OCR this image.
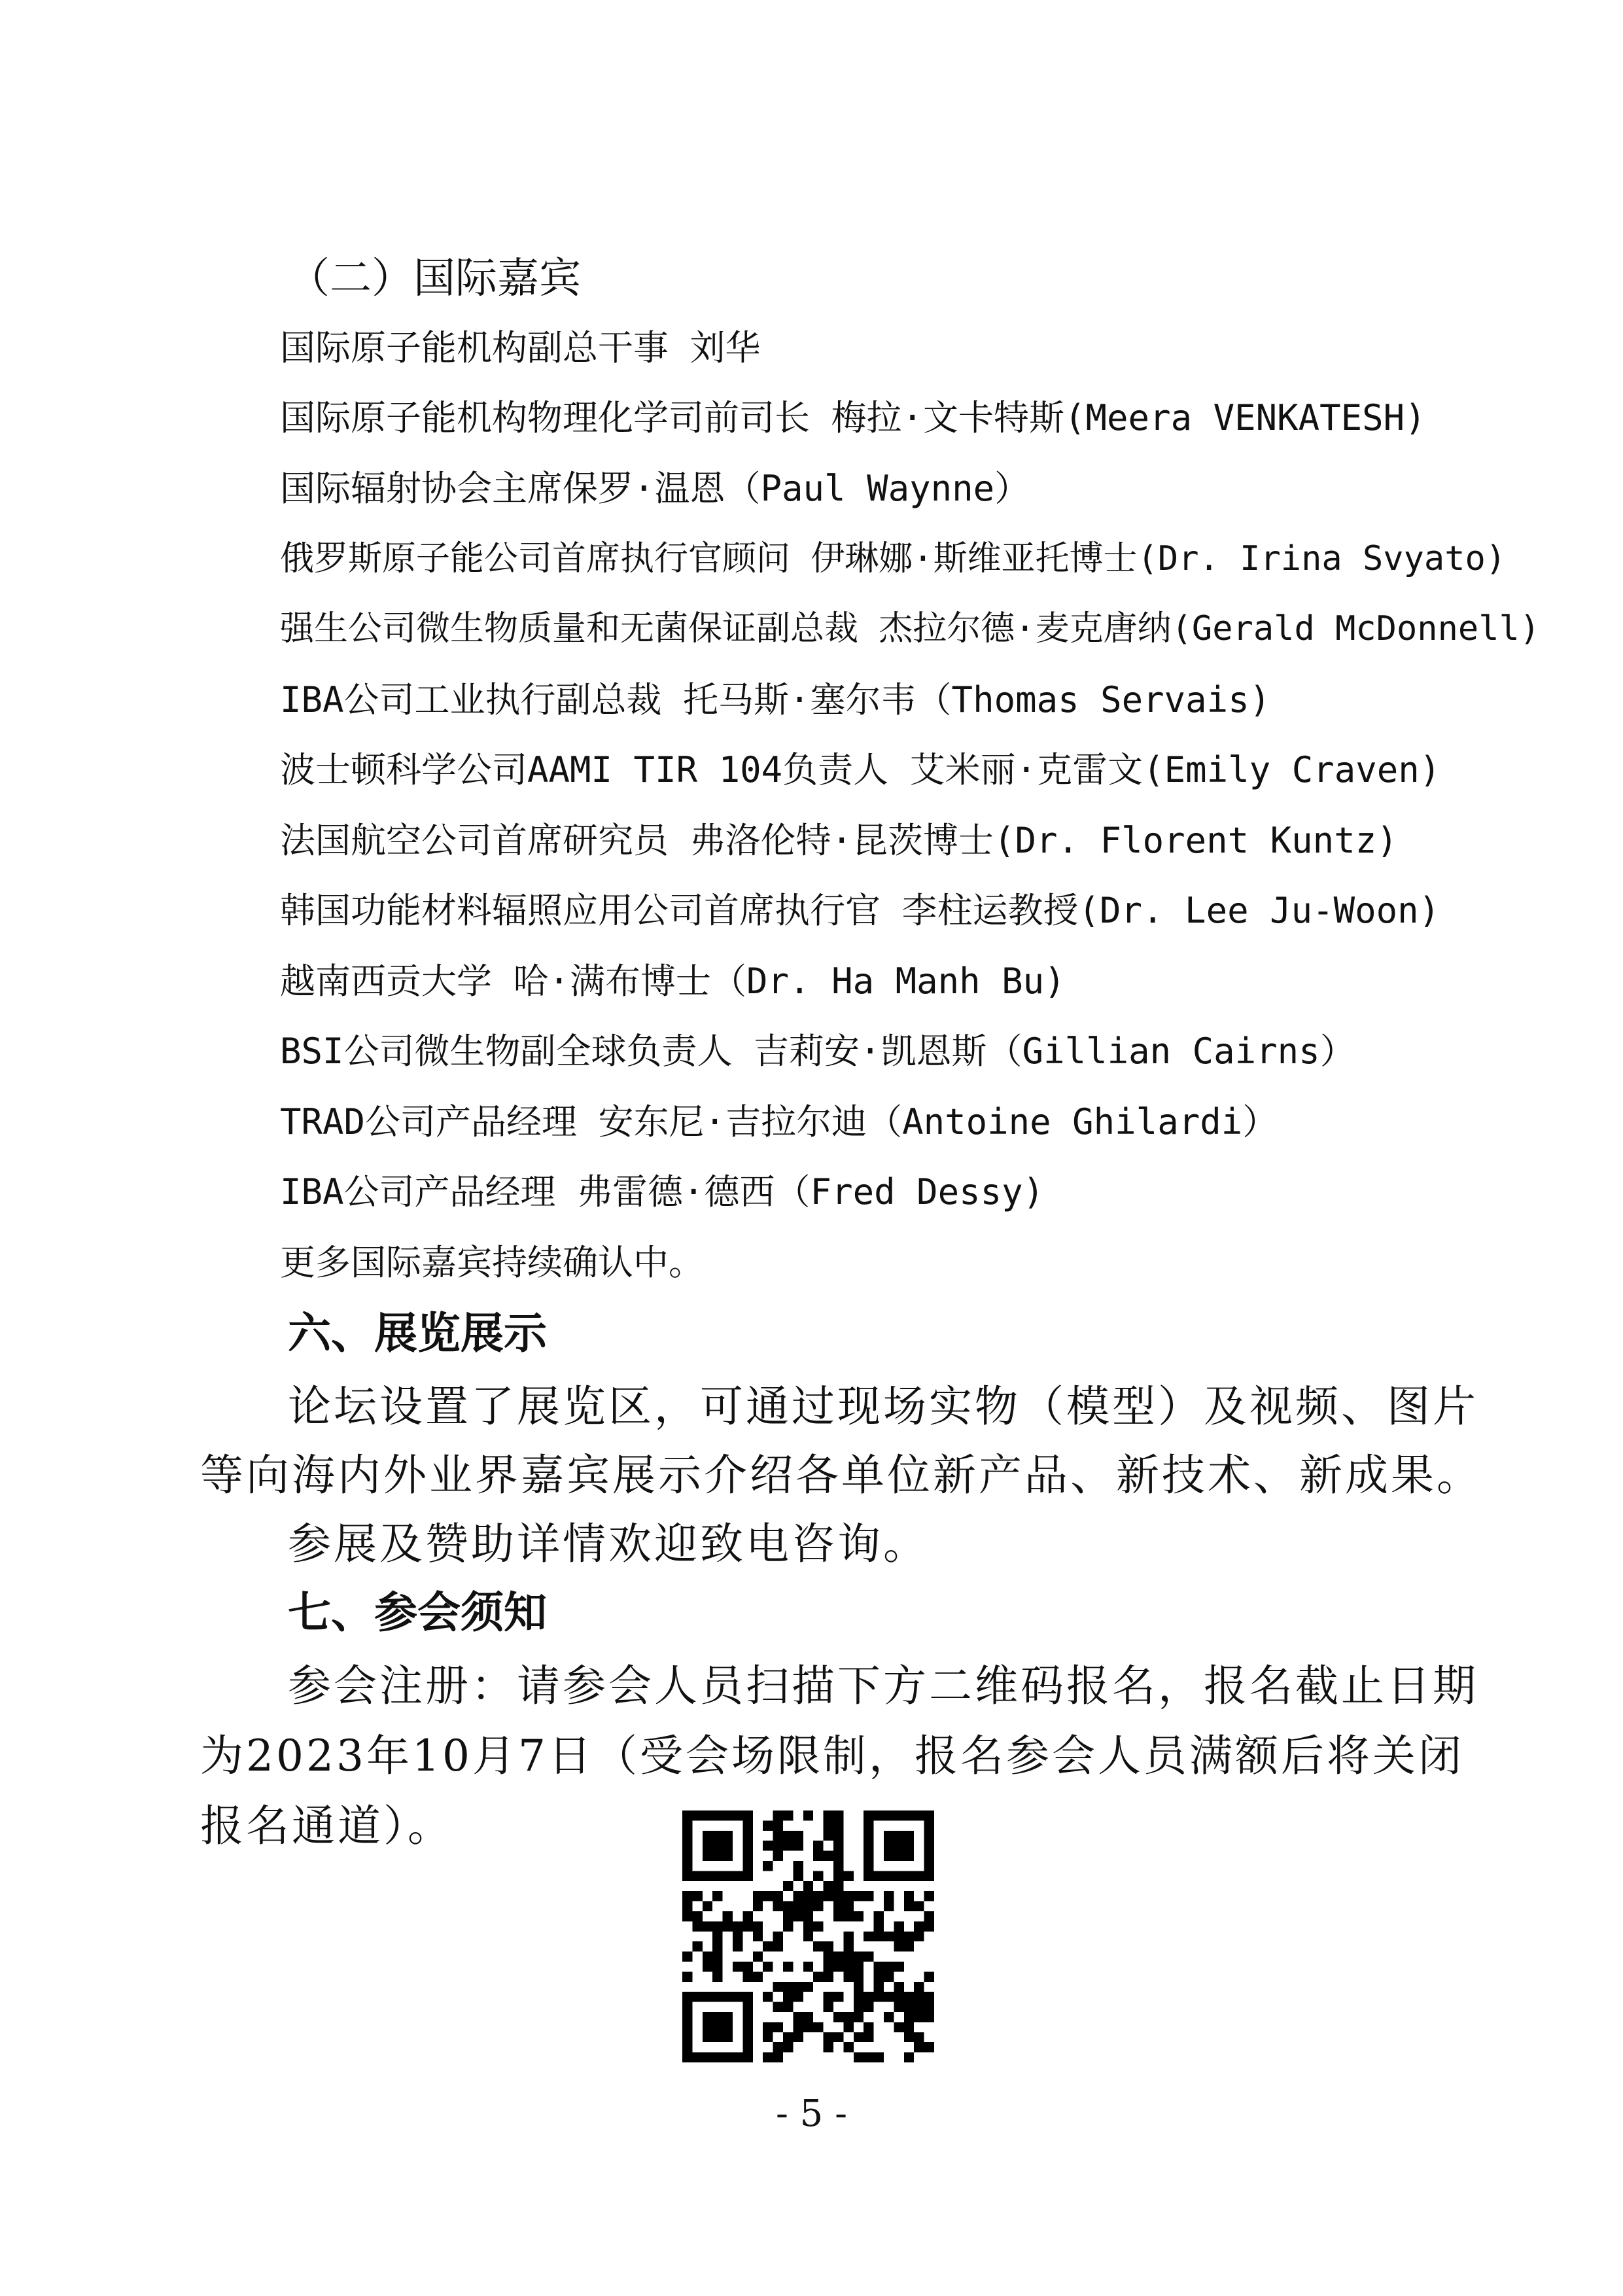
（二）国际嘉宾
国际原子能机构副总干事 刘华
国际原子能机构物理化学司前司长 梅拉·文卡特斯(Meera VENKATESH)
国际辐射协会主席保罗·温恩（Paul Waynne）
俄罗斯原子能公司首席执行官顾问 伊琳娜·斯维亚托博士(Dr. Irina Svyato)
强生公司微生物质量和无菌保证副总裁 杰拉尔德·麦克唐纳(Gerald McDonnell)
IBA公司工业执行副总裁 托马斯·塞尔韦（Thomas Servais)
波士顿科学公司AAMI TIR 104负责人 艾米丽·克雷文(Emily Craven)
法国航空公司首席研究员 弗洛伦特·昆茨博士(Dr. Florent Kuntz)
韩国功能材料辐照应用公司首席执行官 李柱运教授(Dr. Lee Ju-Woon)
越南西贡大学 哈·满布博士（Dr. Ha Manh Bu)
BSI公司微生物副全球负责人 吉莉安·凯恩斯（Gillian Cairns）
TRAD公司产品经理 安东尼·吉拉尔迪（Antoine Ghilardi）
IBA公司产品经理 弗雷德·德西（Fred Dessy)
更多国际嘉宾持续确认中。
六、展览展示
论坛设置了展览区，可通过现场实物（模型）及视频、图片
等向海内外业界嘉宾展示介绍各单位新产品、新技术、新成果。
参展及赞助详情欢迎致电咨询。
七、参会须知
参会注册：请参会人员扫描下方二维码报名，报名截止日期
为2023年10月7日（受会场限制，报名参会人员满额后将关闭
报名通道）。
- 5 -
